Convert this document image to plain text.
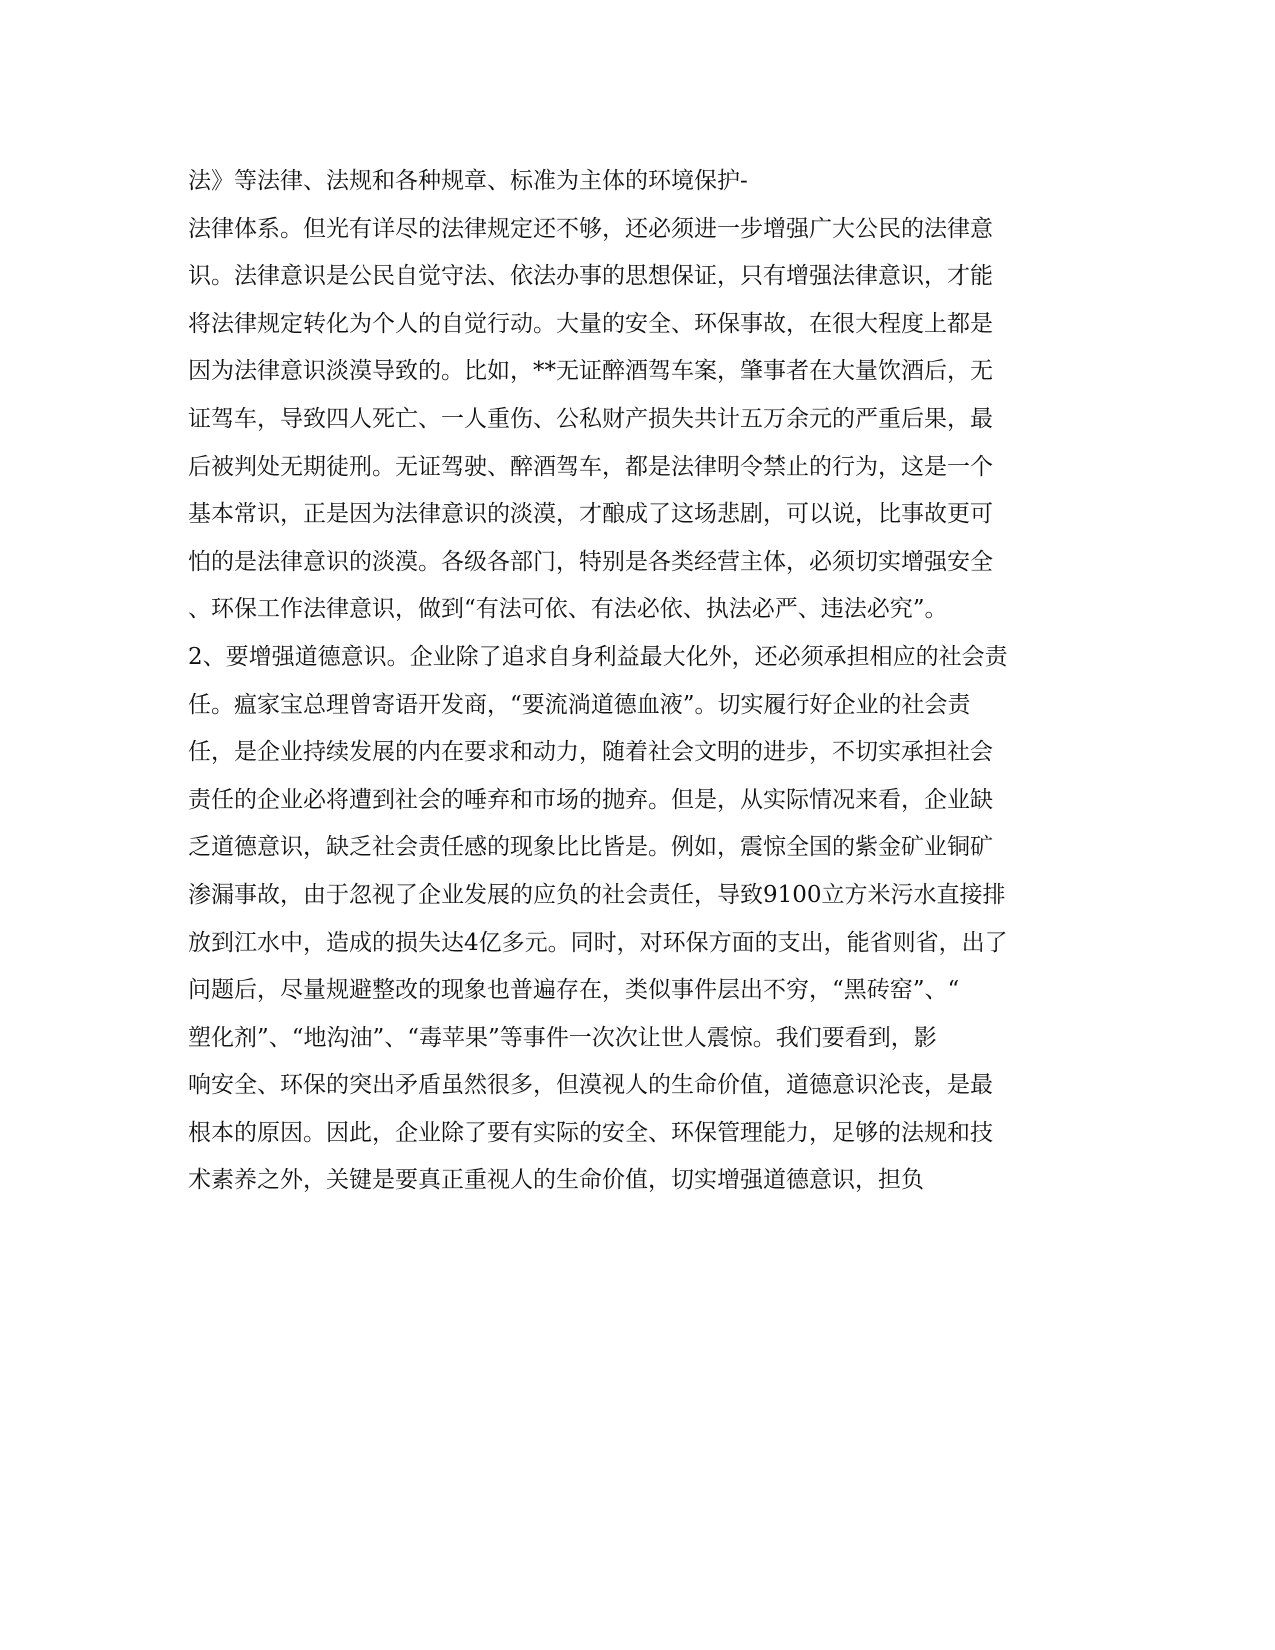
法》等法律、法规和各种规章、标准为主体的环境保护-
法律体系。但光有详尽的法律规定还不够，还必须进一步增强广大公民的法律意
识。法律意识是公民自觉守法、依法办事的思想保证，只有增强法律意识，才能
将法律规定转化为个人的自觉行动。大量的安全、环保事故，在很大程度上都是
因为法律意识淡漠导致的。比如，**无证醉酒驾车案，肇事者在大量饮酒后，无
证驾车，导致四人死亡、一人重伤、公私财产损失共计五万余元的严重后果，最
后被判处无期徒刑。无证驾驶、醉酒驾车，都是法律明令禁止的行为，这是一个
基本常识，正是因为法律意识的淡漠，才酿成了这场悲剧，可以说，比事故更可
怕的是法律意识的淡漠。各级各部门，特别是各类经营主体，必须切实增强安全
、环保工作法律意识，做到“有法可依、有法必依、执法必严、违法必究”。
2、要增强道德意识。企业除了追求自身利益最大化外，还必须承担相应的社会责
任。瘟家宝总理曾寄语开发商，“要流淌道德血液”。切实履行好企业的社会责
任，是企业持续发展的内在要求和动力，随着社会文明的进步，不切实承担社会
责任的企业必将遭到社会的唾弃和市场的抛弃。但是，从实际情况来看，企业缺
乏道德意识，缺乏社会责任感的现象比比皆是。例如，震惊全国的紫金矿业铜矿
渗漏事故，由于忽视了企业发展的应负的社会责任，导致9100立方米污水直接排
放到江水中，造成的损失达4亿多元。同时，对环保方面的支出，能省则省，出了
问题后，尽量规避整改的现象也普遍存在，类似事件层出不穷，“黑砖窑”、“
塑化剂”、“地沟油”、“毒苹果”等事件一次次让世人震惊。我们要看到，影
响安全、环保的突出矛盾虽然很多，但漠视人的生命价值，道德意识沦丧，是最
根本的原因。因此，企业除了要有实际的安全、环保管理能力，足够的法规和技
术素养之外，关键是要真正重视人的生命价值，切实增强道德意识，担负
